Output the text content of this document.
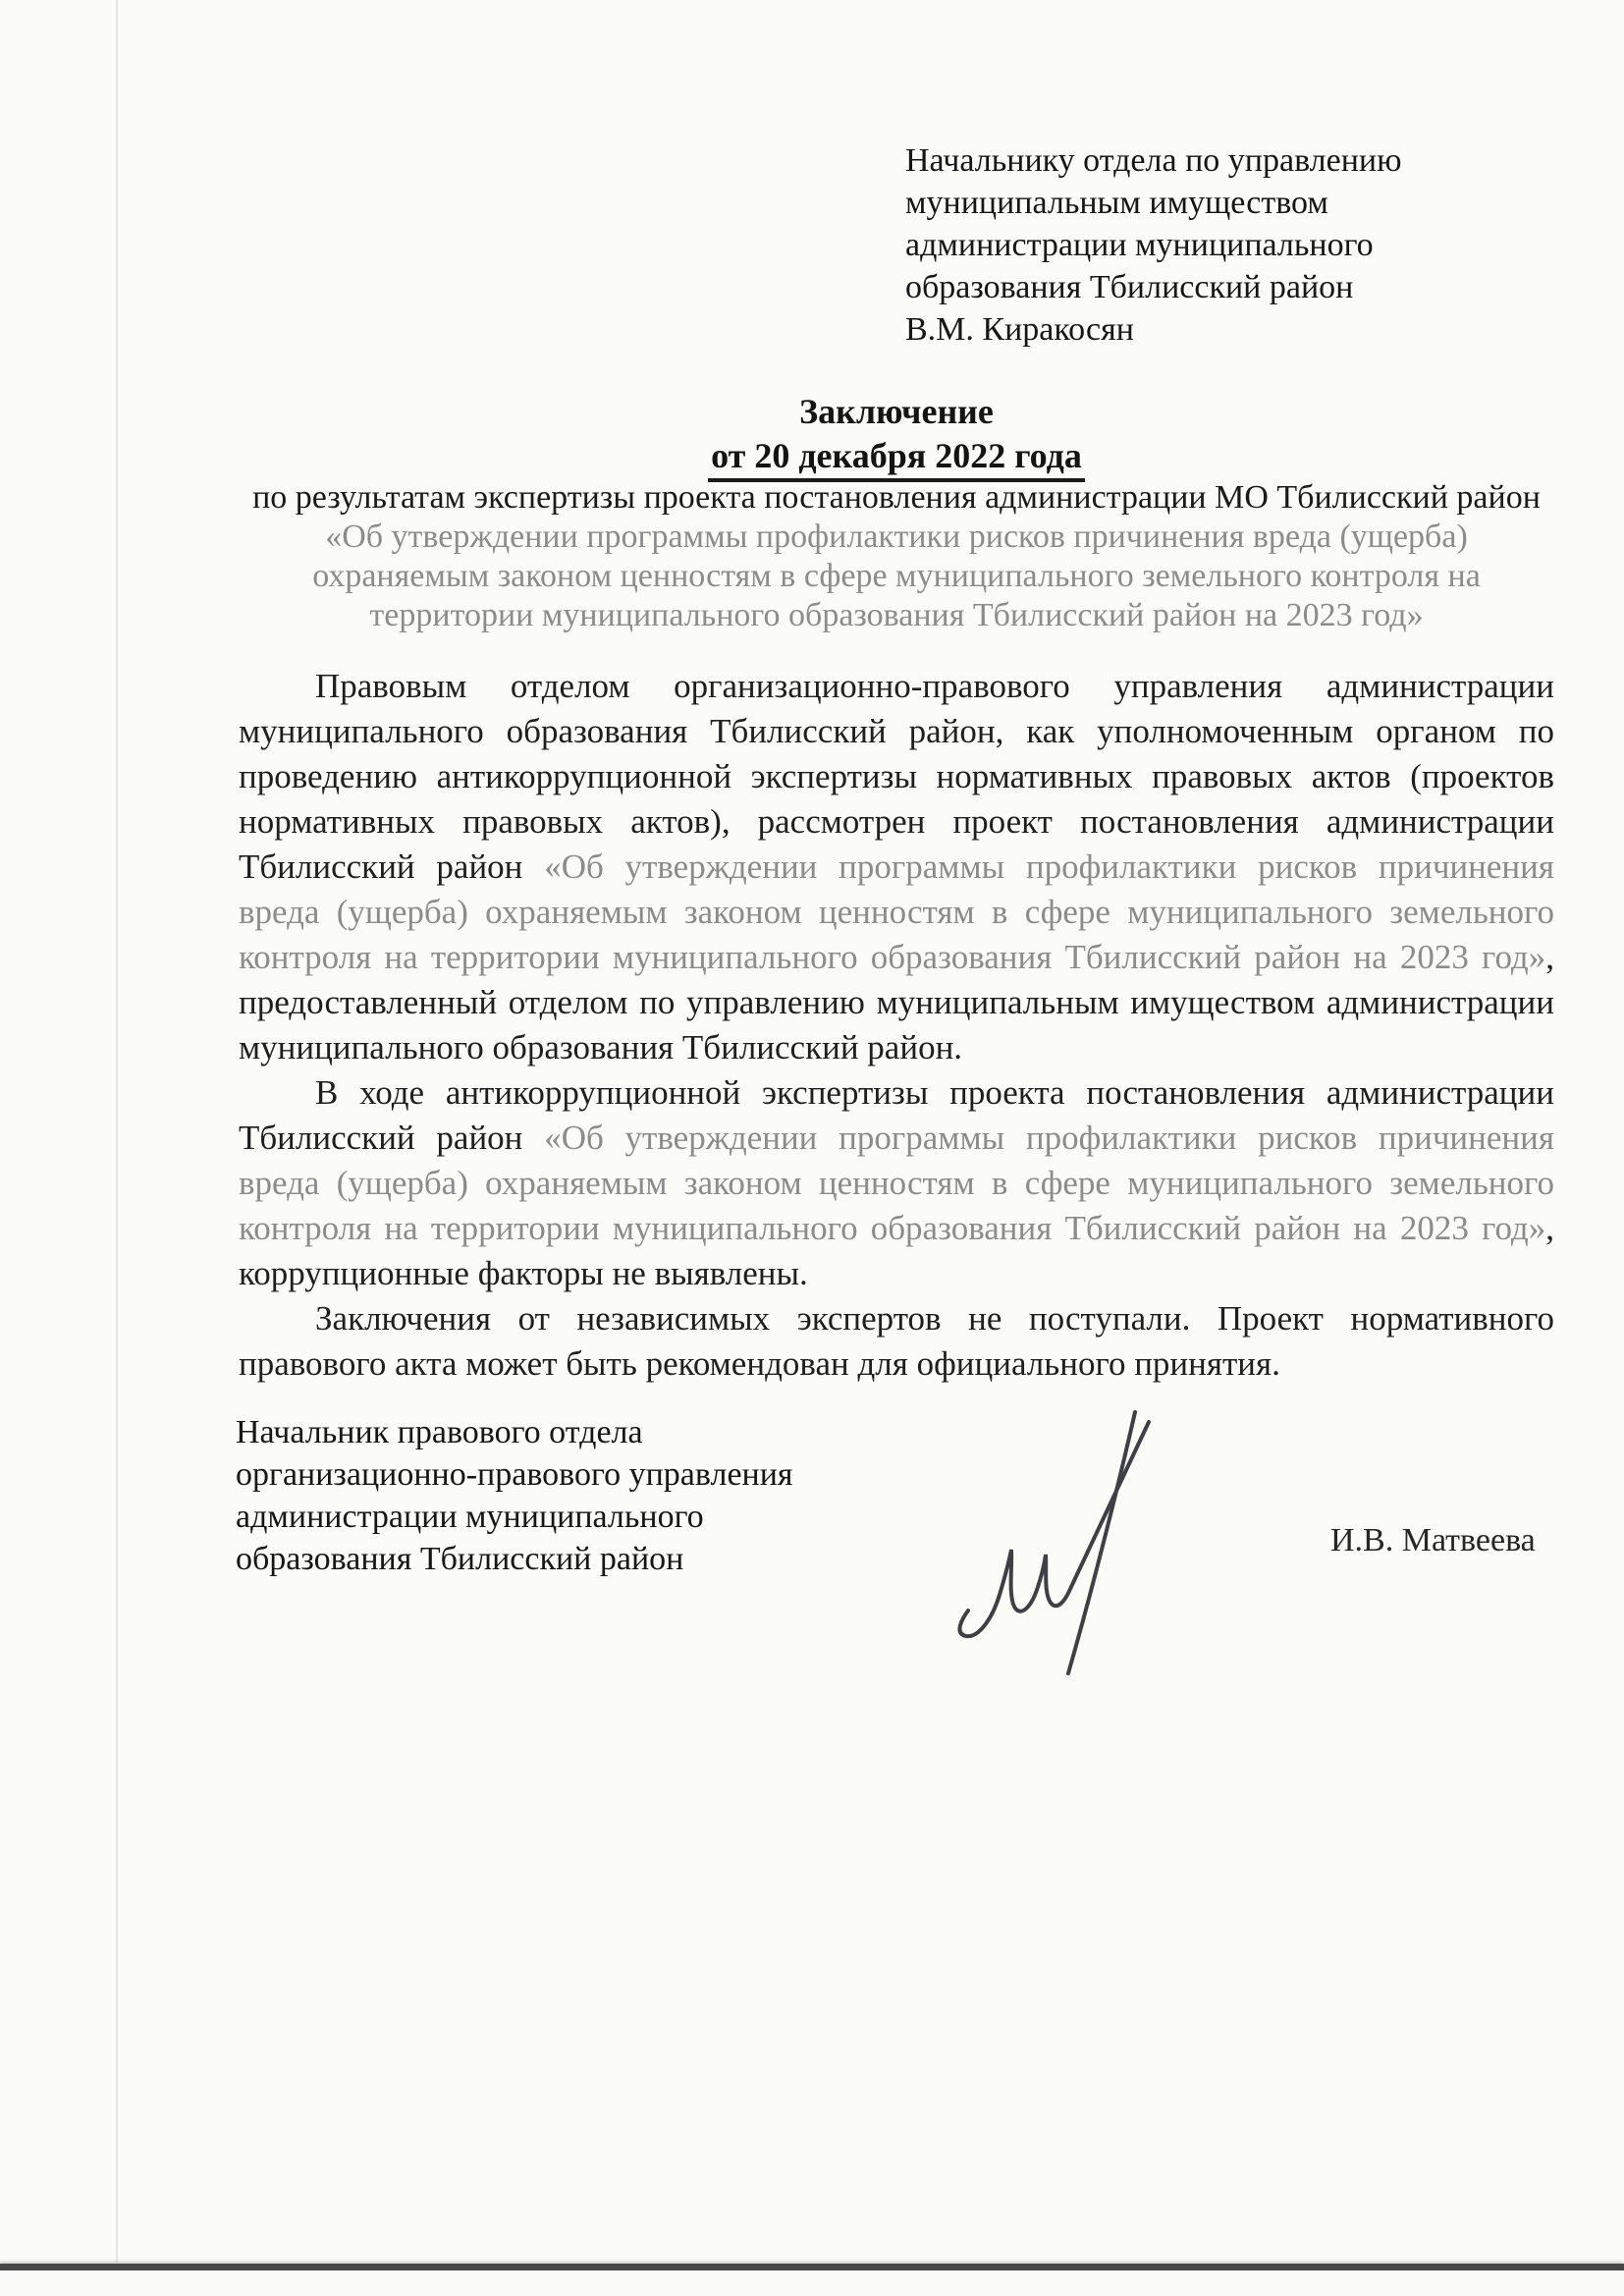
Начальнику отдела по управлению
муниципальным имуществом
администрации муниципального
образования Тбилисский район
В.М. Киракосян
Заключение
от 20 декабря 2022 года
по результатам экспертизы проекта постановления администрации МО Тбилисский район «Об утверждении программы профилактики рисков причинения вреда (ущерба) охраняемым законом ценностям в сфере муниципального земельного контроля на территории муниципального образования Тбилисский район на 2023 год»

Правовым отделом организационно-правового управления администрации муниципального образования Тбилисский район, как уполномоченным органом по проведению антикоррупционной экспертизы нормативных правовых актов (проектов нормативных правовых актов), рассмотрен проект постановления администрации Тбилисский район «Об утверждении программы профилактики рисков причинения вреда (ущерба) охраняемым законом ценностям в сфере муниципального земельного контроля на территории муниципального образования Тбилисский район на 2023 год», предоставленный отделом по управлению муниципальным имуществом администрации муниципального образования Тбилисский район.

В ходе антикоррупционной экспертизы проекта постановления администрации Тбилисский район «Об утверждении программы профилактики рисков причинения вреда (ущерба) охраняемым законом ценностям в сфере муниципального земельного контроля на территории муниципального образования Тбилисский район на 2023 год», коррупционные факторы не выявлены.

Заключения от независимых экспертов не поступали. Проект нормативного правового акта может быть рекомендован для официального принятия.

Начальник правового отдела
организационно-правового управления
администрации муниципального
образования Тбилисский район
И.В. Матвеева
